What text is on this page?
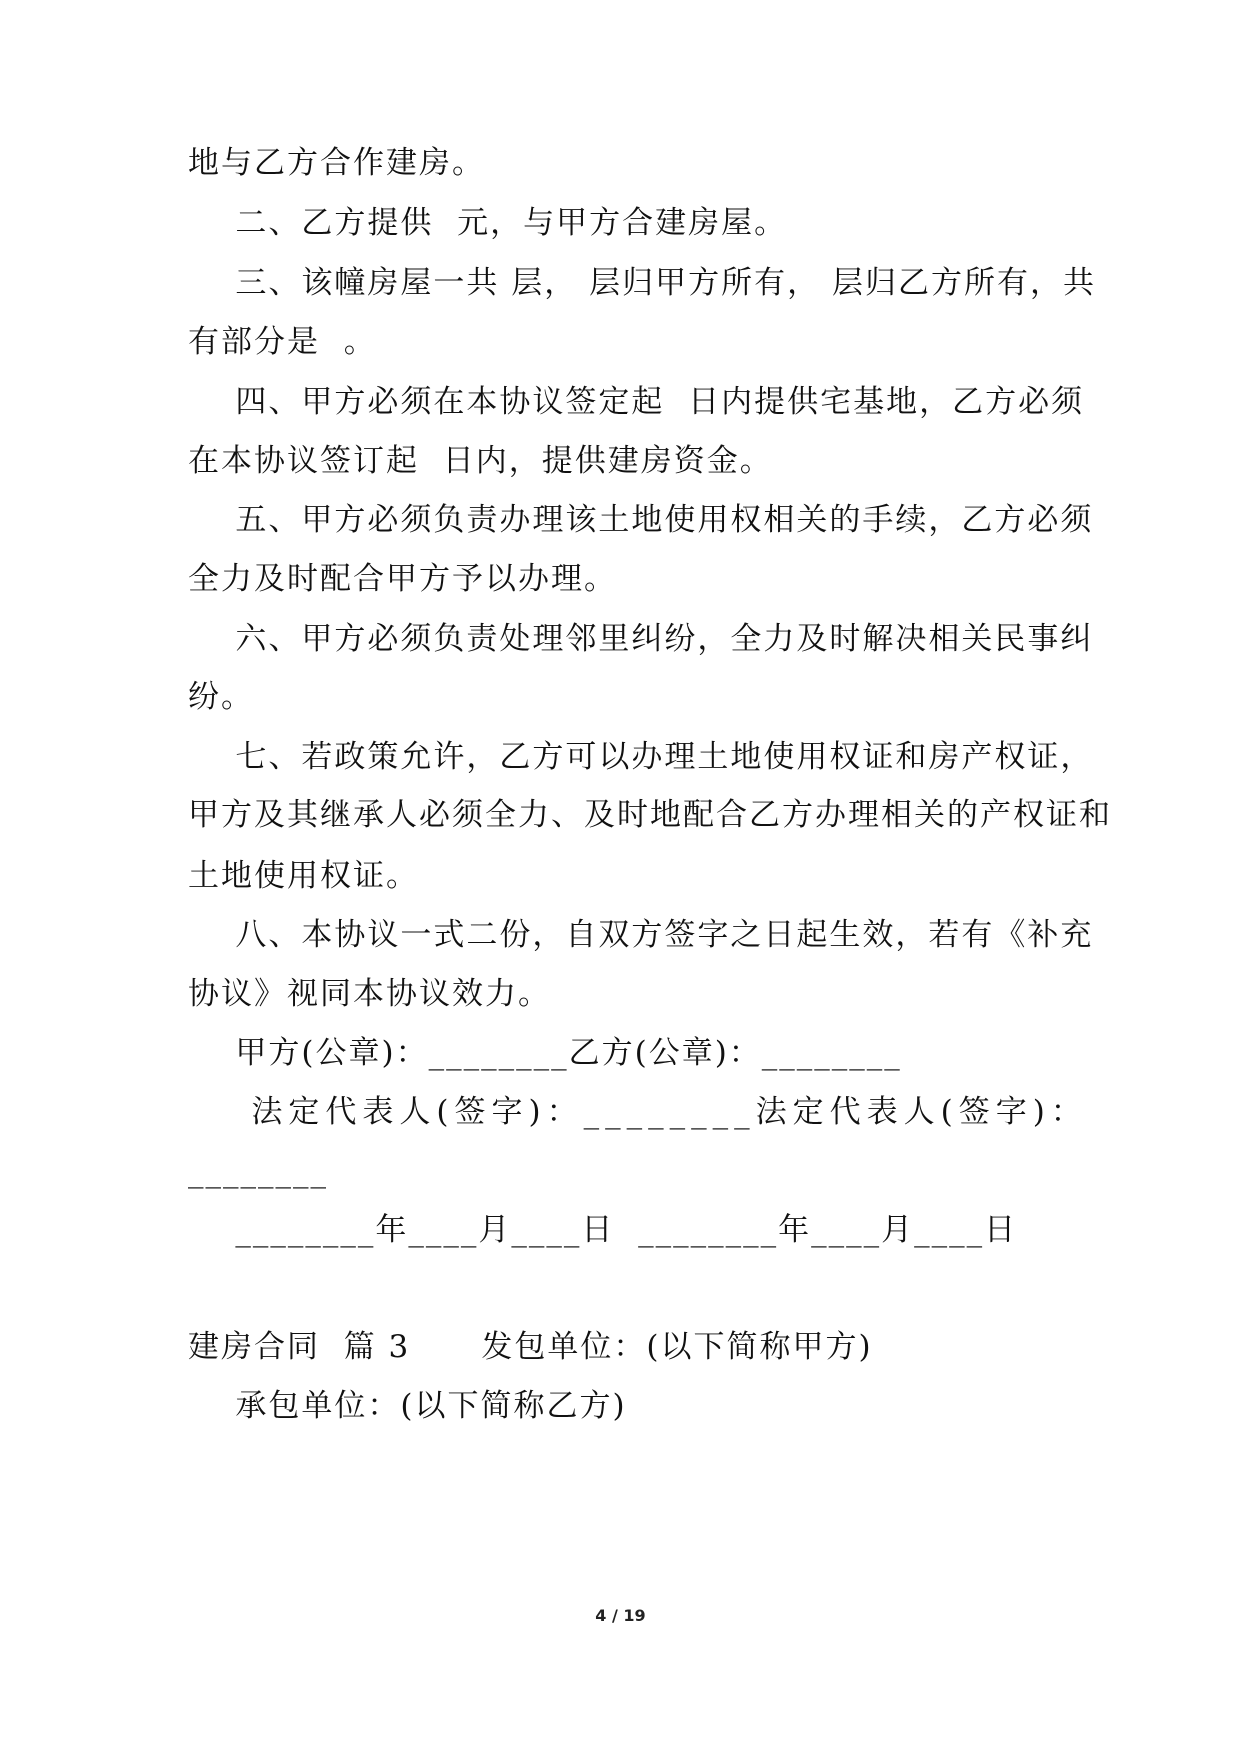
地与乙方合作建房。
二、乙方提供  元，与甲方合建房屋。
三、该幢房屋一共 层， 层归甲方所有， 层归乙方所有，共
有部分是  。
四、甲方必须在本协议签定起  日内提供宅基地，乙方必须
在本协议签订起  日内，提供建房资金。
五、甲方必须负责办理该土地使用权相关的手续，乙方必须
全力及时配合甲方予以办理。
六、甲方必须负责处理邻里纠纷，全力及时解决相关民事纠
纷。
七、若政策允许，乙方可以办理土地使用权证和房产权证，
甲方及其继承人必须全力、及时地配合乙方办理相关的产权证和
土地使用权证。
八、本协议一式二份，自双方签字之日起生效，若有《补充
协议》视同本协议效力。
甲方(公章)：________乙方(公章)：________
法定代表人(签字)：________法定代表人(签字)：
________
________年____月____日  ________年____月____日
建房合同  篇 3      发包单位：(以下简称甲方)
承包单位：(以下简称乙方)
4 / 19
